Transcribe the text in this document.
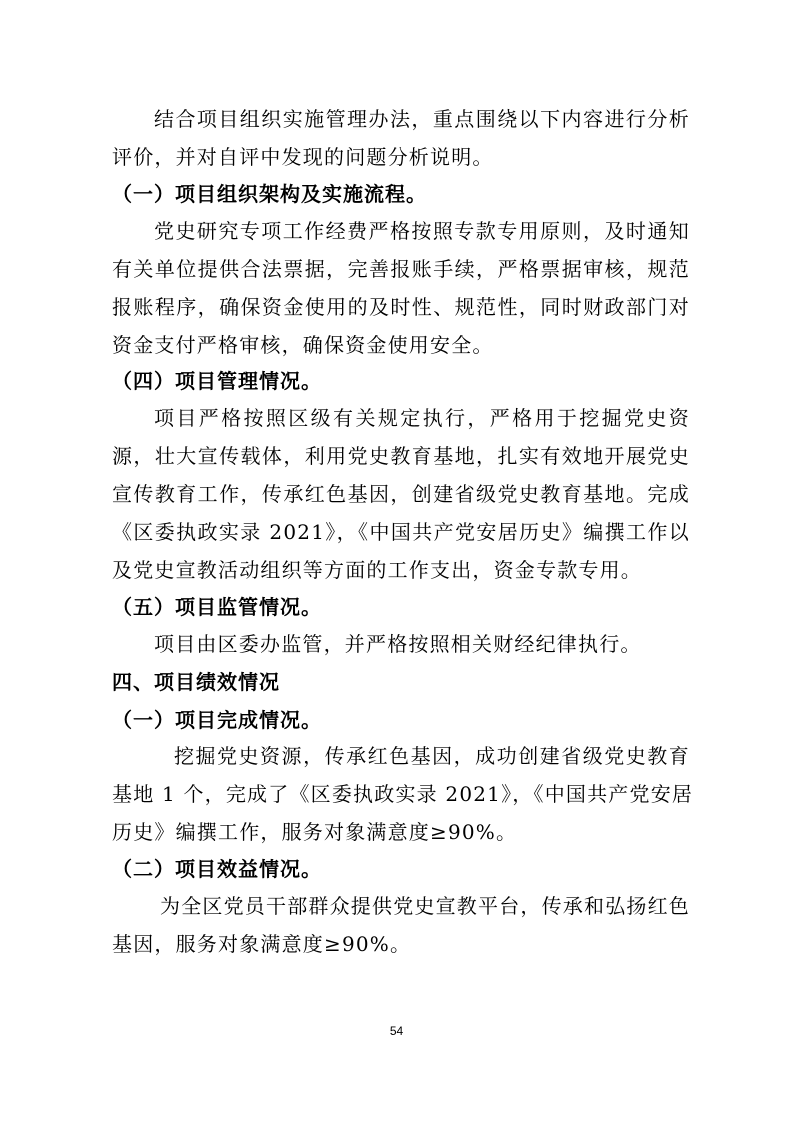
结合项目组织实施管理办法，重点围绕以下内容进行分析
评价，并对自评中发现的问题分析说明。
（一）项目组织架构及实施流程。
党史研究专项工作经费严格按照专款专用原则，及时通知
有关单位提供合法票据，完善报账手续，严格票据审核，规范
报账程序，确保资金使用的及时性、规范性，同时财政部门对
资金支付严格审核，确保资金使用安全。
（四）项目管理情况。
项目严格按照区级有关规定执行，严格用于挖掘党史资
源，壮大宣传载体，利用党史教育基地，扎实有效地开展党史
宣传教育工作，传承红色基因，创建省级党史教育基地。完成
《区委执政实录 2021》，《中国共产党安居历史》编撰工作以
及党史宣教活动组织等方面的工作支出，资金专款专用。
（五）项目监管情况。
项目由区委办监管，并严格按照相关财经纪律执行。
四、项目绩效情况
（一）项目完成情况。
挖掘党史资源，传承红色基因，成功创建省级党史教育
基地 1 个，完成了《区委执政实录 2021》，《中国共产党安居
历史》编撰工作，服务对象满意度≥90%。
（二）项目效益情况。
为全区党员干部群众提供党史宣教平台，传承和弘扬红色
基因，服务对象满意度≥90%。
54
